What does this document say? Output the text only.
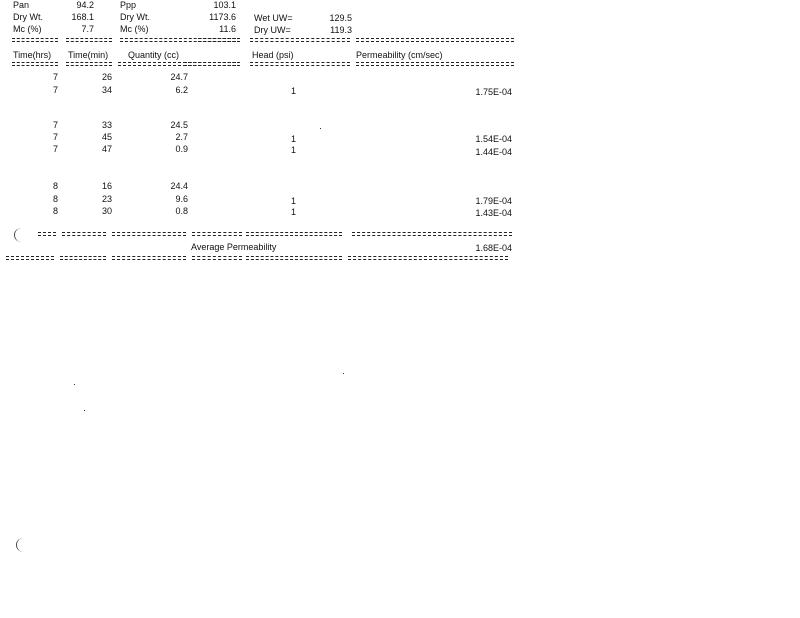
Pan	94.2
Dry Wt.	168.1
Mc (%)	7.7
Ppp	103.1
Dry Wt.	1173.6
Mc (%)	11.6
Wet UW=	129.5
Dry UW=	119.3
Time(hrs) Time(min) Quantity (cc)	Head (psi)	Permeability (cm/sec)
7	26	24.7
7	34	6.2	1	1.75E-04
7	33	24.5
7	45	2.7	1	1.54E-04
7	47	0.9	1	1.44E-04
8	16	24.4
8	23	9.6	1	1.79E-04
8	30	0.8	1	1.43E-04
Average Permeability	1.68E-04
